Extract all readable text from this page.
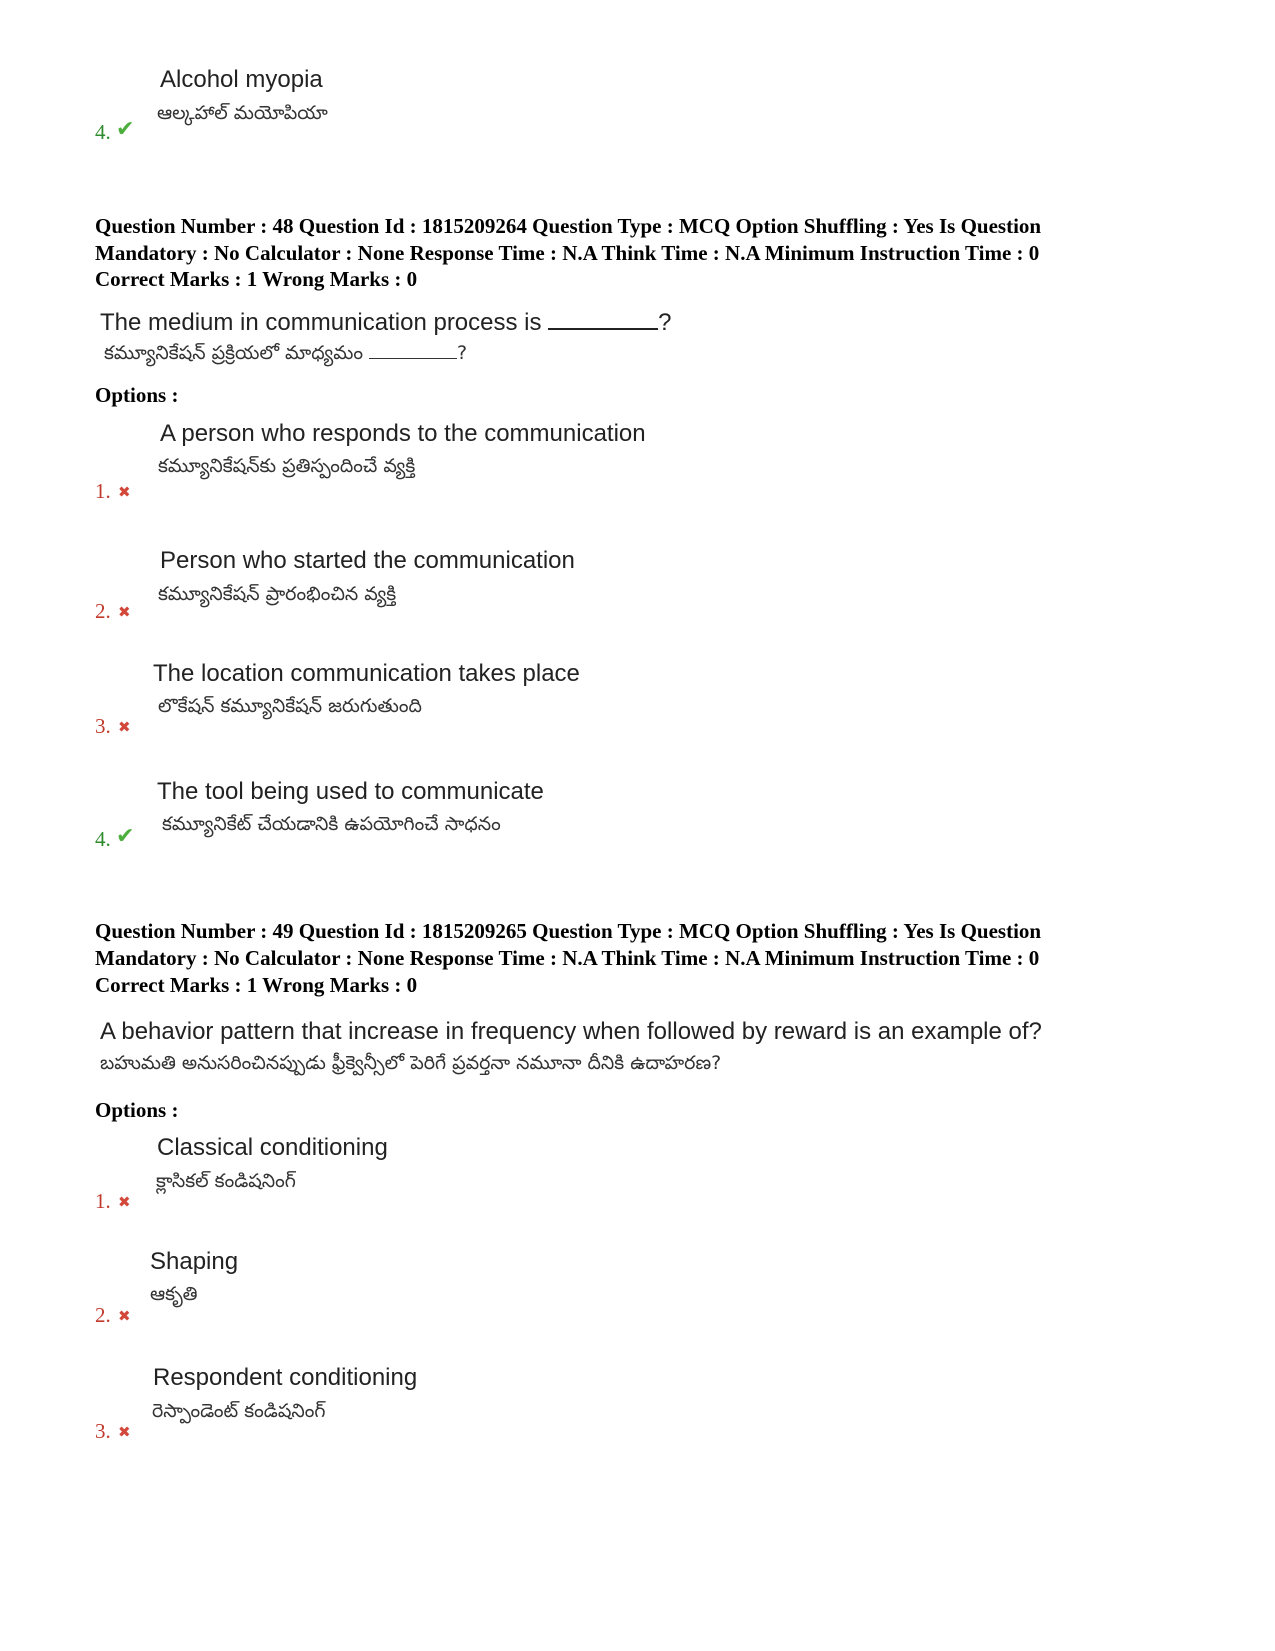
Alcohol myopia
ఆల్కహాల్ మయోపియా
4. ✔
Question Number : 48 Question Id : 1815209264 Question Type : MCQ Option Shuffling : Yes Is Question
Mandatory : No Calculator : None Response Time : N.A Think Time : N.A Minimum Instruction Time : 0
Correct Marks : 1 Wrong Marks : 0
The medium in communication process is	?
కమ్యూనికేషన్ ప్రక్రియలో మాధ్యమం	?
Options :
A person who responds to the communication
కమ్యూనికేషన్‌కు ప్రతిస్పందించే వ్యక్తి
1. ✖
Person who started the communication
కమ్యూనికేషన్ ప్రారంభించిన వ్యక్తి
2. ✖
The location communication takes place
లొకేషన్ కమ్యూనికేషన్ జరుగుతుంది
3. ✖
The tool being used to communicate
కమ్యూనికేట్ చేయడానికి ఉపయోగించే సాధనం
4. ✔
Question Number : 49 Question Id : 1815209265 Question Type : MCQ Option Shuffling : Yes Is Question
Mandatory : No Calculator : None Response Time : N.A Think Time : N.A Minimum Instruction Time : 0
Correct Marks : 1 Wrong Marks : 0
A behavior pattern that increase in frequency when followed by reward is an example of?
బహుమతి అనుసరించినప్పుడు ఫ్రీక్వెన్సీలో పెరిగే ప్రవర్తనా నమూనా దీనికి ఉదాహరణ?
Options :
Classical conditioning
క్లాసికల్ కండిషనింగ్
1. ✖
Shaping
ఆకృతి
2. ✖
Respondent conditioning
రెస్పాండెంట్ కండిషనింగ్
3. ✖
